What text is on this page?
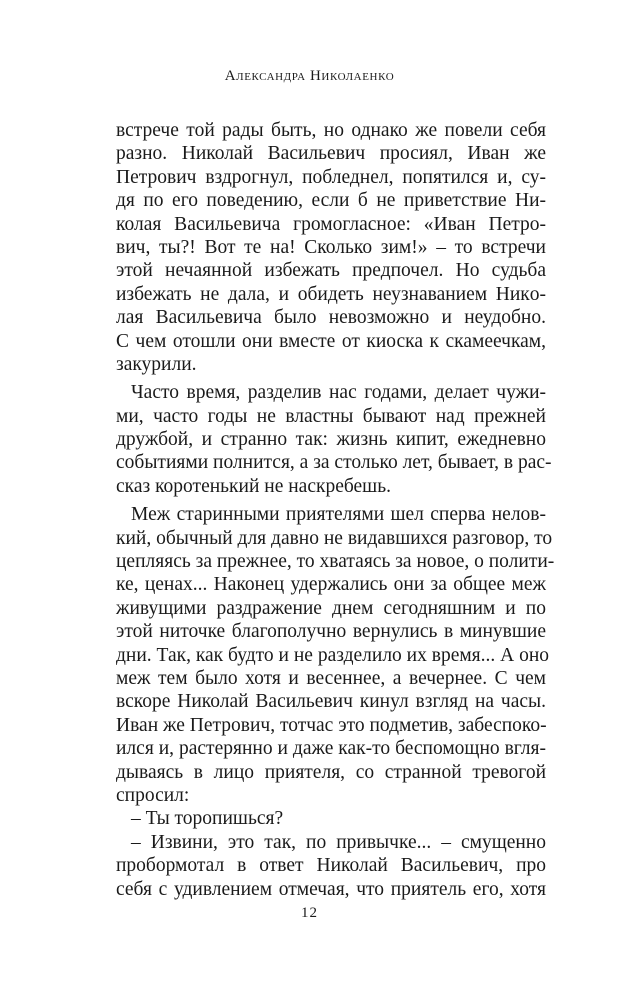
Александра Николаенко
встрече той рады быть, но однако же повели себя
разно. Николай Васильевич просиял, Иван же
Петрович вздрогнул, побледнел, попятился и, су-
дя по его поведению, если б не приветствие Ни-
колая Васильевича громогласное: «Иван Петро-
вич, ты?! Вот те на! Сколько зим!» – то встречи
этой нечаянной избежать предпочел. Но судьба
избежать не дала, и обидеть неузнаванием Никo-
лая Васильевича было невозможно и неудобно.
С чем отошли они вместе от киоска к скамеечкам,
закурили.
Часто время, разделив нас годами, делает чужи-
ми, часто годы не властны бывают над прежней
дружбой, и странно так: жизнь кипит, ежедневно
событиями полнится, а за столько лет, бывает, в рас-
сказ коротенький не наскребешь.
Меж старинными приятелями шел сперва нелов-
кий, обычный для давно не видавшихся разговор, то
цепляясь за прежнее, то хватаясь за новое, о полити-
ке, ценах... Наконец удержались они за общее меж
живущими раздражение днем сегодняшним и по
этой ниточке благополучно вернулись в минувшие
дни. Так, как будто и не разделило их время... А оно
меж тем было хотя и весеннее, а вечернее. С чем
вскоре Николай Васильевич кинул взгляд на часы.
Иван же Петрович, тотчас это подметив, забеспоко-
ился и, растерянно и даже как-то беспомощно вгля-
дываясь в лицо приятеля, со странной тревогой
спросил:
– Ты торопишься?
– Извини, это так, по привычке... – смущенно
пробормотал в ответ Николай Васильевич, про
себя с удивлением отмечая, что приятель его, хотя
12
